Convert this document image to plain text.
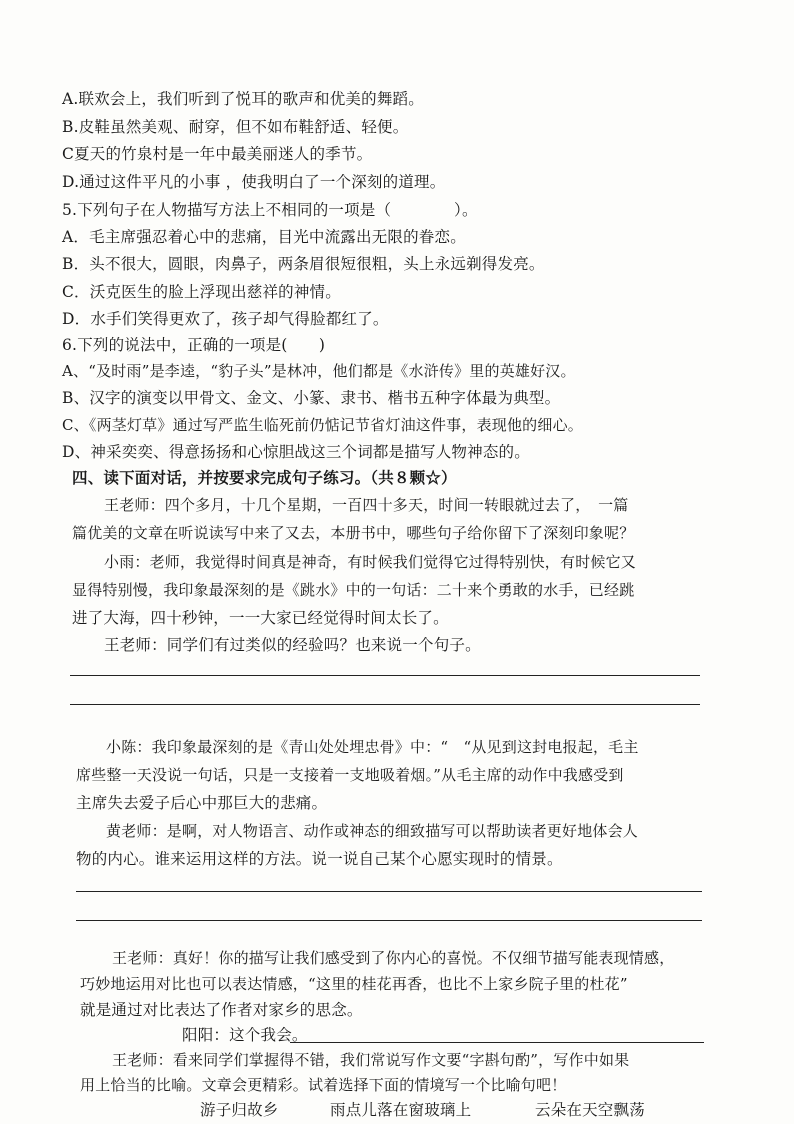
A.联欢会上，我们听到了悦耳的歌声和优美的舞蹈。
B.皮鞋虽然美观、耐穿，但不如布鞋舒适、轻便。
C夏天的竹泉村是一年中最美丽迷人的季节。
D.通过这件平凡的小事 ，使我明白了一个深刻的道理。
5.下列句子在人物描写方法上不相同的一项是（　　　　）。
A．毛主席强忍着心中的悲痛，目光中流露出无限的眷恋。
B．头不很大，圆眼，肉鼻子，两条眉很短很粗，头上永远剃得发亮。
C．沃克医生的脸上浮现出慈祥的神情。
D．水手们笑得更欢了，孩子却气得脸都红了。
6.下列的说法中，正确的一项是(　　)
A、“及时雨”是李逵，“豹子头”是林冲，他们都是《水浒传》里的英雄好汉。
B、汉字的演变以甲骨文、金文、小篆、隶书、楷书五种字体最为典型。
C、《两茎灯草》通过写严监生临死前仍惦记节省灯油这件事，表现他的细心。
D、神采奕奕、得意扬扬和心惊胆战这三个词都是描写人物神态的。
四、读下面对话，并按要求完成句子练习。（共８颗☆）
王老师：四个多月，十几个星期，一百四十多天，时间一转眼就过去了，　一篇
篇优美的文章在听说读写中来了又去，本册书中，哪些句子给你留下了深刻印象呢？
小雨：老师，我觉得时间真是神奇，有时候我们觉得它过得特别快，有时候它又
显得特别慢，我印象最深刻的是《跳水》中的一句话：二十来个勇敢的水手，已经跳
进了大海，四十秒钟，一一大家已经觉得时间太长了。
王老师：同学们有过类似的经验吗？也来说一个句子。
小陈：我印象最深刻的是《青山处处埋忠骨》中：“　“从见到这封电报起，毛主
席些整一天没说一句话，只是一支接着一支地吸着烟。”从毛主席的动作中我感受到
主席失去爱子后心中那巨大的悲痛。
黄老师：是啊，对人物语言、动作或神态的细致描写可以帮助读者更好地体会人
物的内心。谁来运用这样的方法。说一说自己某个心愿实现时的情景。
王老师：真好！你的描写让我们感受到了你内心的喜悦。不仅细节描写能表现情感，
巧妙地运用对比也可以表达情感，“这里的桂花再香，也比不上家乡院子里的杜花”
就是通过对比表达了作者对家乡的思念。
阳阳：这个我会。
王老师：看来同学们掌握得不错，我们常说写作文要“字斟句酌”，写作中如果
用上恰当的比喻。文章会更精彩。试着选择下面的情境写一个比喻句吧！
游子归故乡	雨点儿落在窗玻璃上	云朵在天空飘荡
